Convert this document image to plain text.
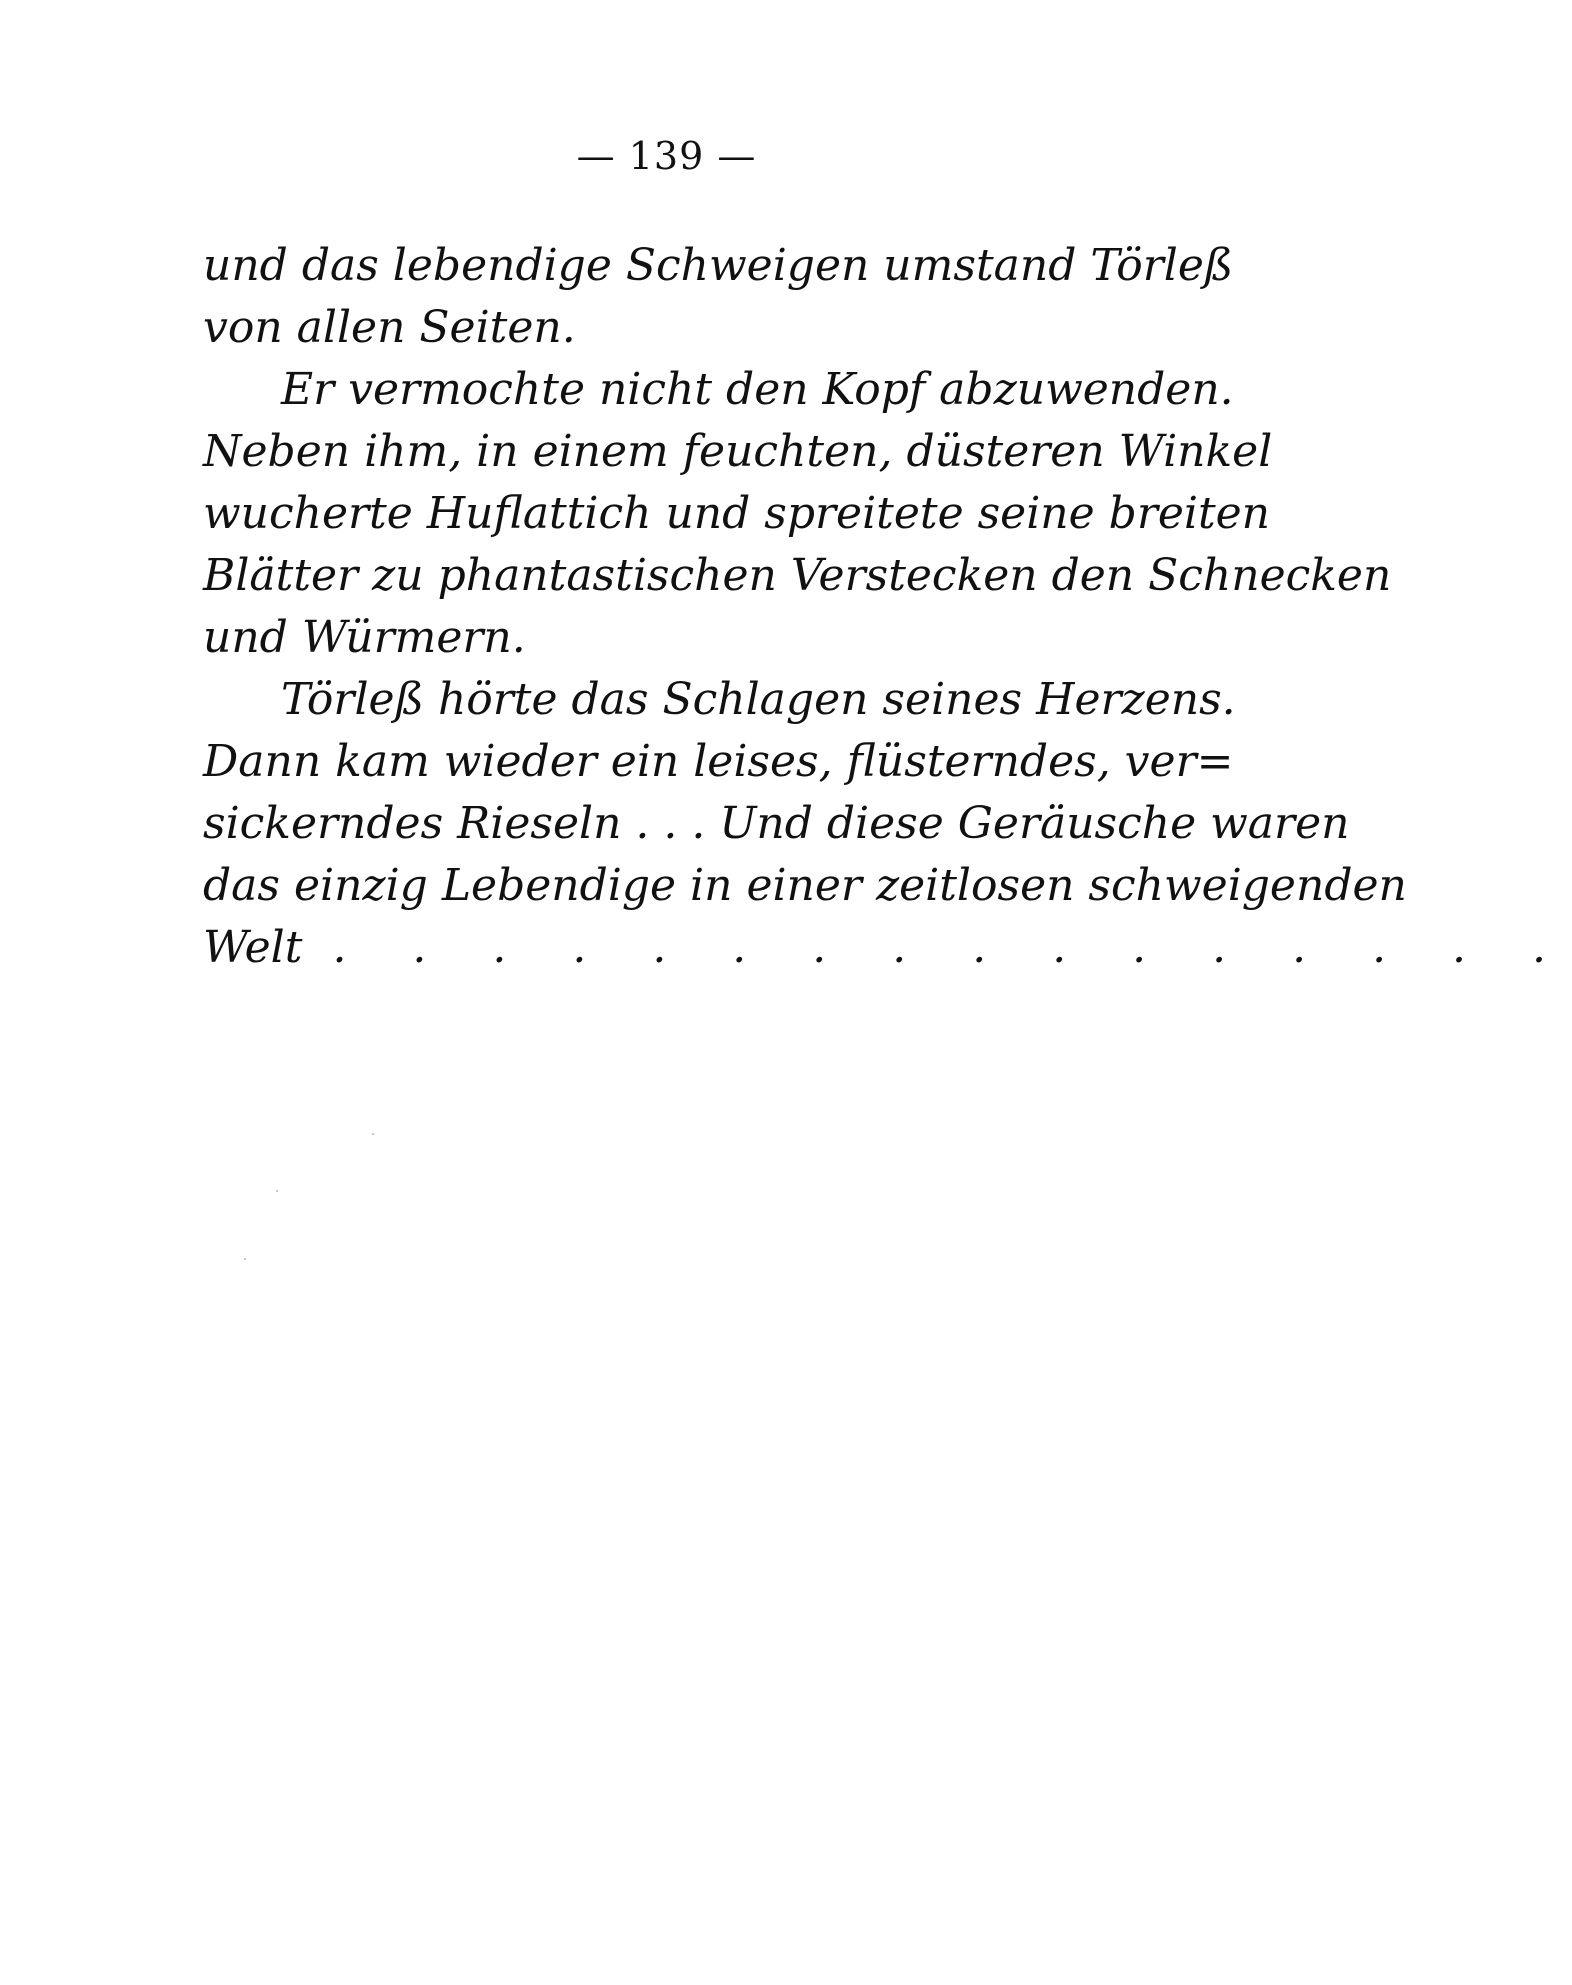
— 139 —
und das lebendige Schweigen umstand Törleß
von allen Seiten.
Er vermochte nicht den Kopf abzuwenden.
Neben ihm, in einem feuchten, düsteren Winkel
wucherte Huflattich und spreitete seine breiten
Blätter zu phantastischen Verstecken den Schnecken
und Würmern.
Törleß hörte das Schlagen seines Herzens.
Dann kam wieder ein leises, flüsterndes, ver=
sickerndes Rieseln . . . Und diese Geräusche waren
das einzig Lebendige in einer zeitlosen schweigenden
Welt . . . . . . . . . . . . . . . .
